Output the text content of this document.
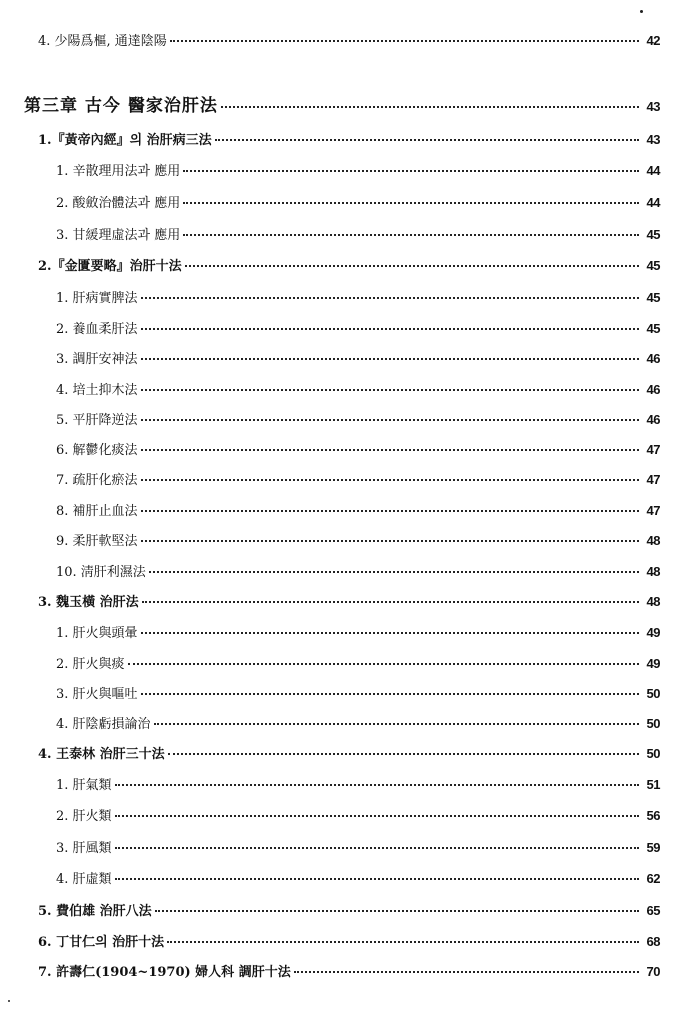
4. 少陽爲樞, 通達陰陽	42
第三章 古今 醫家治肝法	43
1.『黃帝內經』의 治肝病三法	43
1. 辛散理用法과 應用	44
2. 酸斂治體法과 應用	44
3. 甘緩理虛法과 應用	45
2.『金匱要略』治肝十法	45
1. 肝病實脾法	45
2. 養血柔肝法	45
3. 調肝安神法	46
4. 培土抑木法	46
5. 平肝降逆法	46
6. 解鬱化痰法	47
7. 疏肝化瘀法	47
8. 補肝止血法	47
9. 柔肝軟堅法	48
10. 淸肝利濕法	48
3. 魏玉橫 治肝法	48
1. 肝火與頭暈	49
2. 肝火與痰	49
3. 肝火與嘔吐	50
4. 肝陰虧損論治	50
4. 王泰林 治肝三十法	50
1. 肝氣類	51
2. 肝火類	56
3. 肝風類	59
4. 肝虛類	62
5. 費伯雄 治肝八法	65
6. 丁甘仁의 治肝十法	68
7. 許壽仁(1904~1970) 婦人科 調肝十法	70
